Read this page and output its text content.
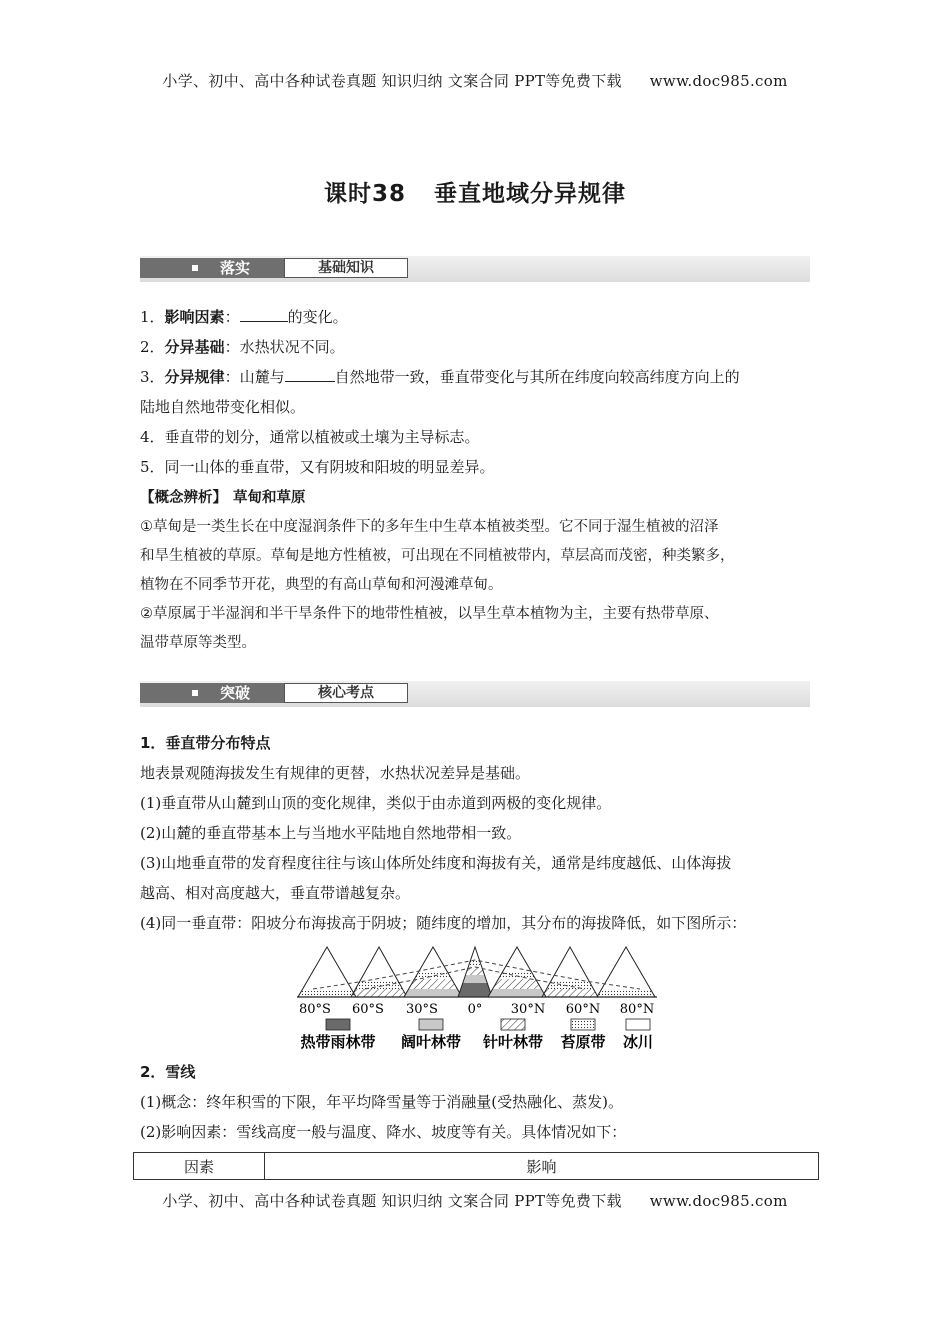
小学、初中、高中各种试卷真题 知识归纳 文案合同 PPT等免费下载 www.doc985.com
课时38 垂直地域分异规律
落实	基础知识
1．影响因素：	的变化。
2．分异基础：水热状况不同。
3．分异规律：山麓与	自然地带一致，垂直带变化与其所在纬度向较高纬度方向上的
陆地自然地带变化相似。
4．垂直带的划分，通常以植被或土壤为主导标志。
5．同一山体的垂直带，又有阴坡和阳坡的明显差异。
【概念辨析】 草甸和草原
①草甸是一类生长在中度湿润条件下的多年生中生草本植被类型。它不同于湿生植被的沼泽
和旱生植被的草原。草甸是地方性植被，可出现在不同植被带内，草层高而茂密，种类繁多，
植物在不同季节开花，典型的有高山草甸和河漫滩草甸。
②草原属于半湿润和半干旱条件下的地带性植被，以旱生草本植物为主，主要有热带草原、
温带草原等类型。
突破	核心考点
1．垂直带分布特点
地表景观随海拔发生有规律的更替，水热状况差异是基础。
(1)垂直带从山麓到山顶的变化规律，类似于由赤道到两极的变化规律。
(2)山麓的垂直带基本上与当地水平陆地自然地带相一致。
(3)山地垂直带的发育程度往往与该山体所处纬度和海拔有关，通常是纬度越低、山体海拔
越高、相对高度越大，垂直带谱越复杂。
(4)同一垂直带：阳坡分布海拔高于阴坡；随纬度的增加，其分布的海拔降低，如下图所示：
80°S 60°S 30°S 0° 30°N 60°N 80°N
热带雨林带 阔叶林带 针叶林带 苔原带 冰川
2．雪线
(1)概念：终年积雪的下限，年平均降雪量等于消融量(受热融化、蒸发)。
(2)影响因素：雪线高度一般与温度、降水、坡度等有关。具体情况如下：
因素	影响
小学、初中、高中各种试卷真题 知识归纳 文案合同 PPT等免费下载 www.doc985.com
